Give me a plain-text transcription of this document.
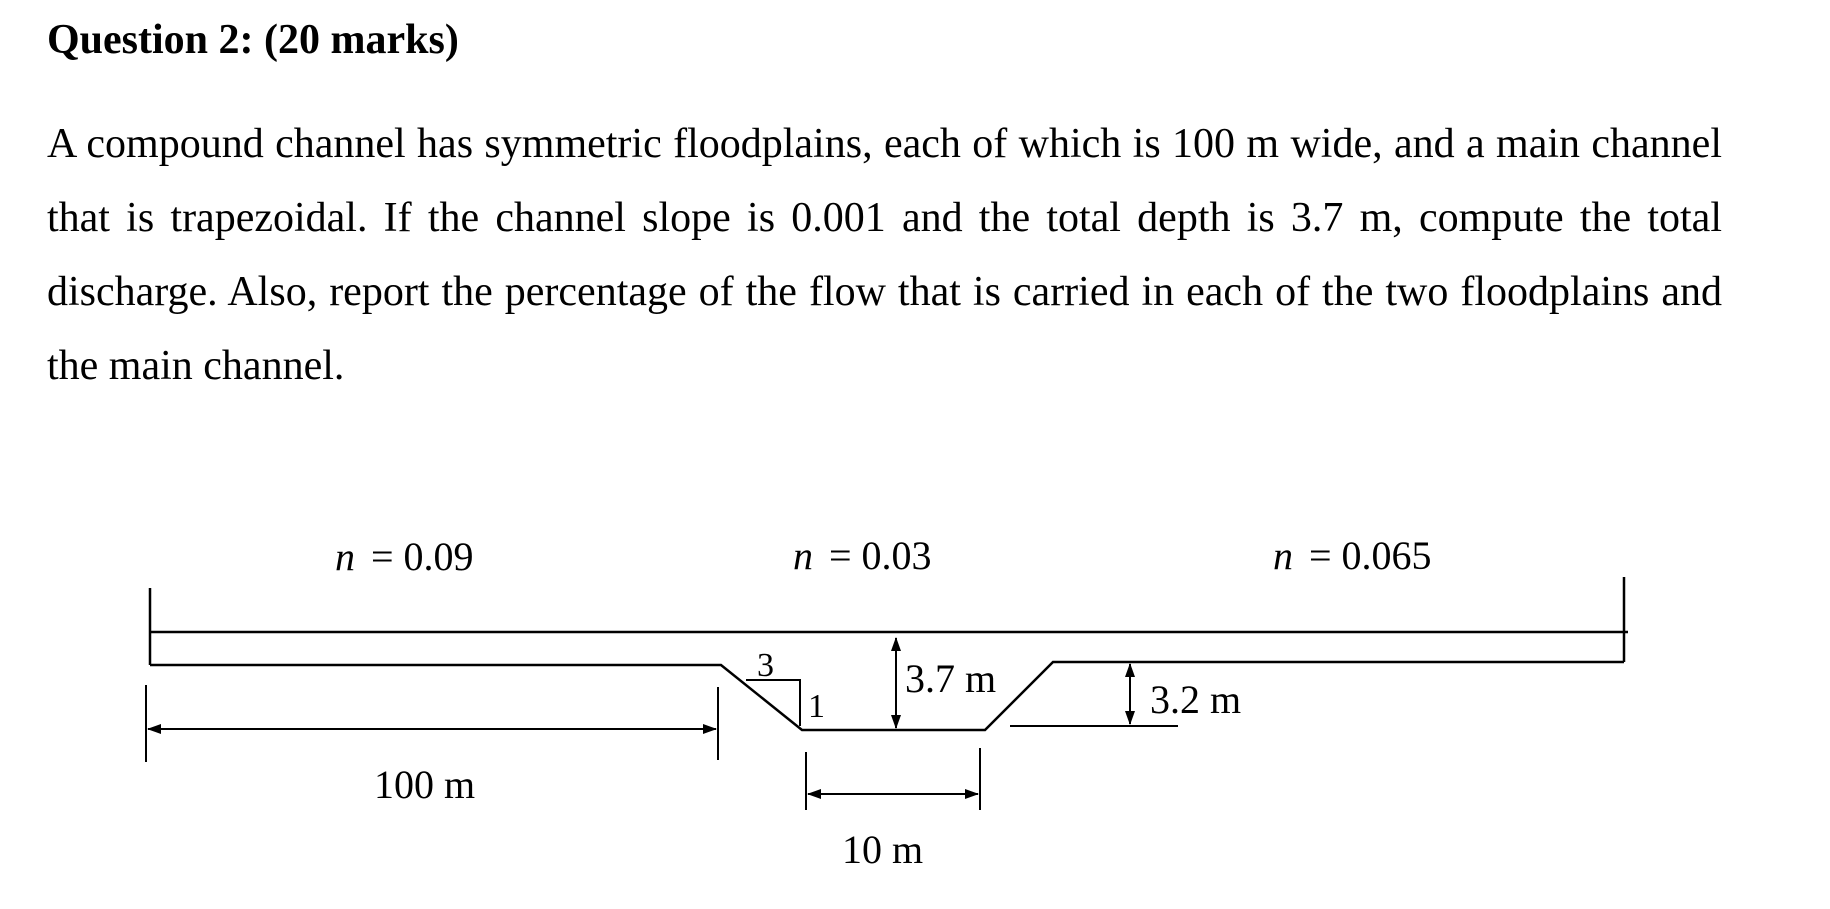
Question 2: (20 marks)
A compound channel has symmetric floodplains, each of which is 100 m wide, and a main channel that is trapezoidal. If the channel slope is 0.001 and the total depth is 3.7 m, compute the total discharge. Also, report the percentage of the flow that is carried in each of the two floodplains and the main channel.
n = 0.09	n = 0.03	n = 0.065
3
1
3.7 m	3.2 m
100 m
10 m
